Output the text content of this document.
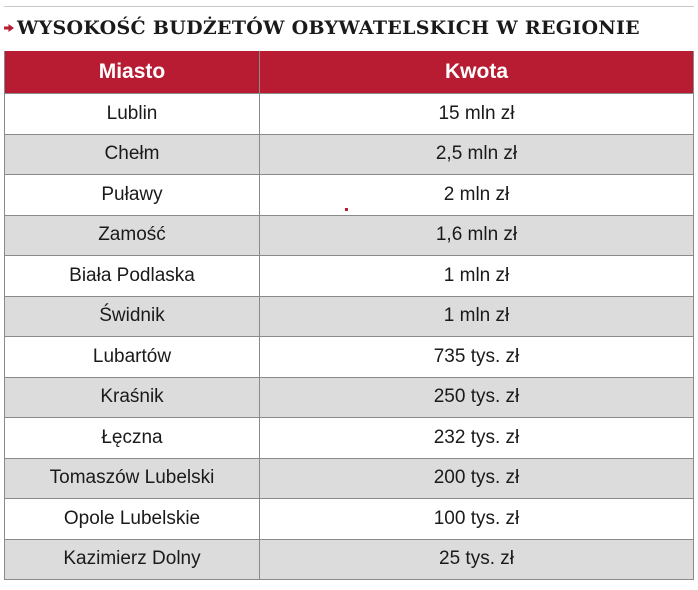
WYSOKOŚĆ BUDŻETÓW OBYWATELSKICH W REGIONIE
Miasto	Kwota
Lublin	15 mln zł
Chełm	2,5 mln zł
Puławy	2 mln zł
Zamość	1,6 mln zł
Biała Podlaska	1 mln zł
Świdnik	1 mln zł
Lubartów	735 tys. zł
Kraśnik	250 tys. zł
Łęczna	232 tys. zł
Tomaszów Lubelski	200 tys. zł
Opole Lubelskie	100 tys. zł
Kazimierz Dolny	25 tys. zł
